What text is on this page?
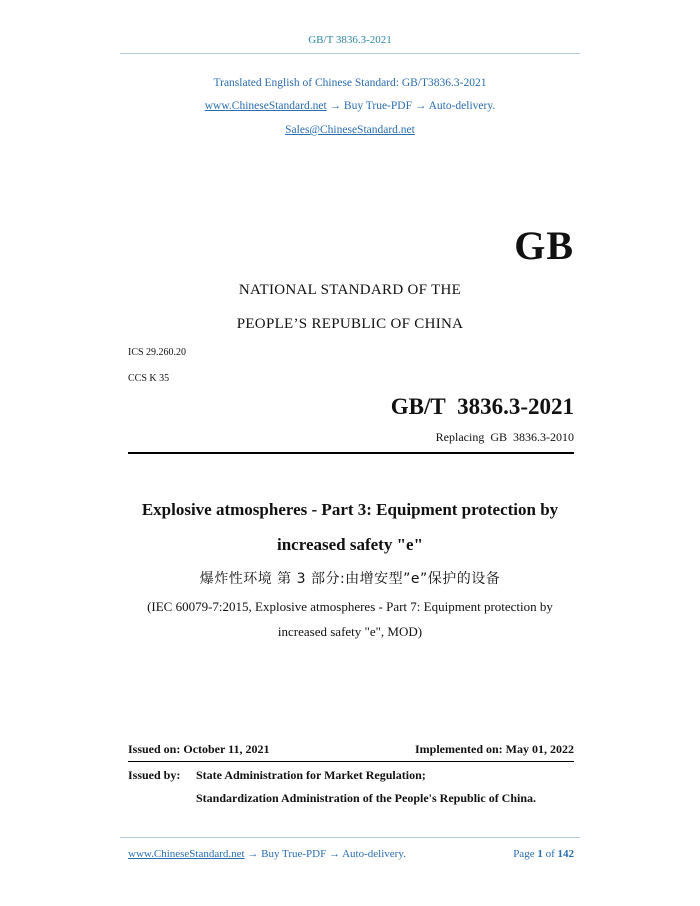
GB/T 3836.3-2021
Translated English of Chinese Standard: GB/T3836.3-2021
www.ChineseStandard.net → Buy True-PDF → Auto-delivery.
Sales@ChineseStandard.net
GB
NATIONAL STANDARD OF THE
PEOPLE’S REPUBLIC OF CHINA
ICS 29.260.20
CCS K 35
GB/T 3836.3-2021
Replacing GB 3836.3-2010
Explosive atmospheres - Part 3: Equipment protection by
increased safety "e"
爆炸性环境 第 3 部分:由增安型”e”保护的设备
(IEC 60079-7:2015, Explosive atmospheres - Part 7: Equipment protection by
increased safety "e", MOD)
Issued on: October 11, 2021	Implemented on: May 01, 2022
Issued by: State Administration for Market Regulation;
Standardization Administration of the People's Republic of China.
www.ChineseStandard.net → Buy True-PDF → Auto-delivery.	Page 1 of 142
